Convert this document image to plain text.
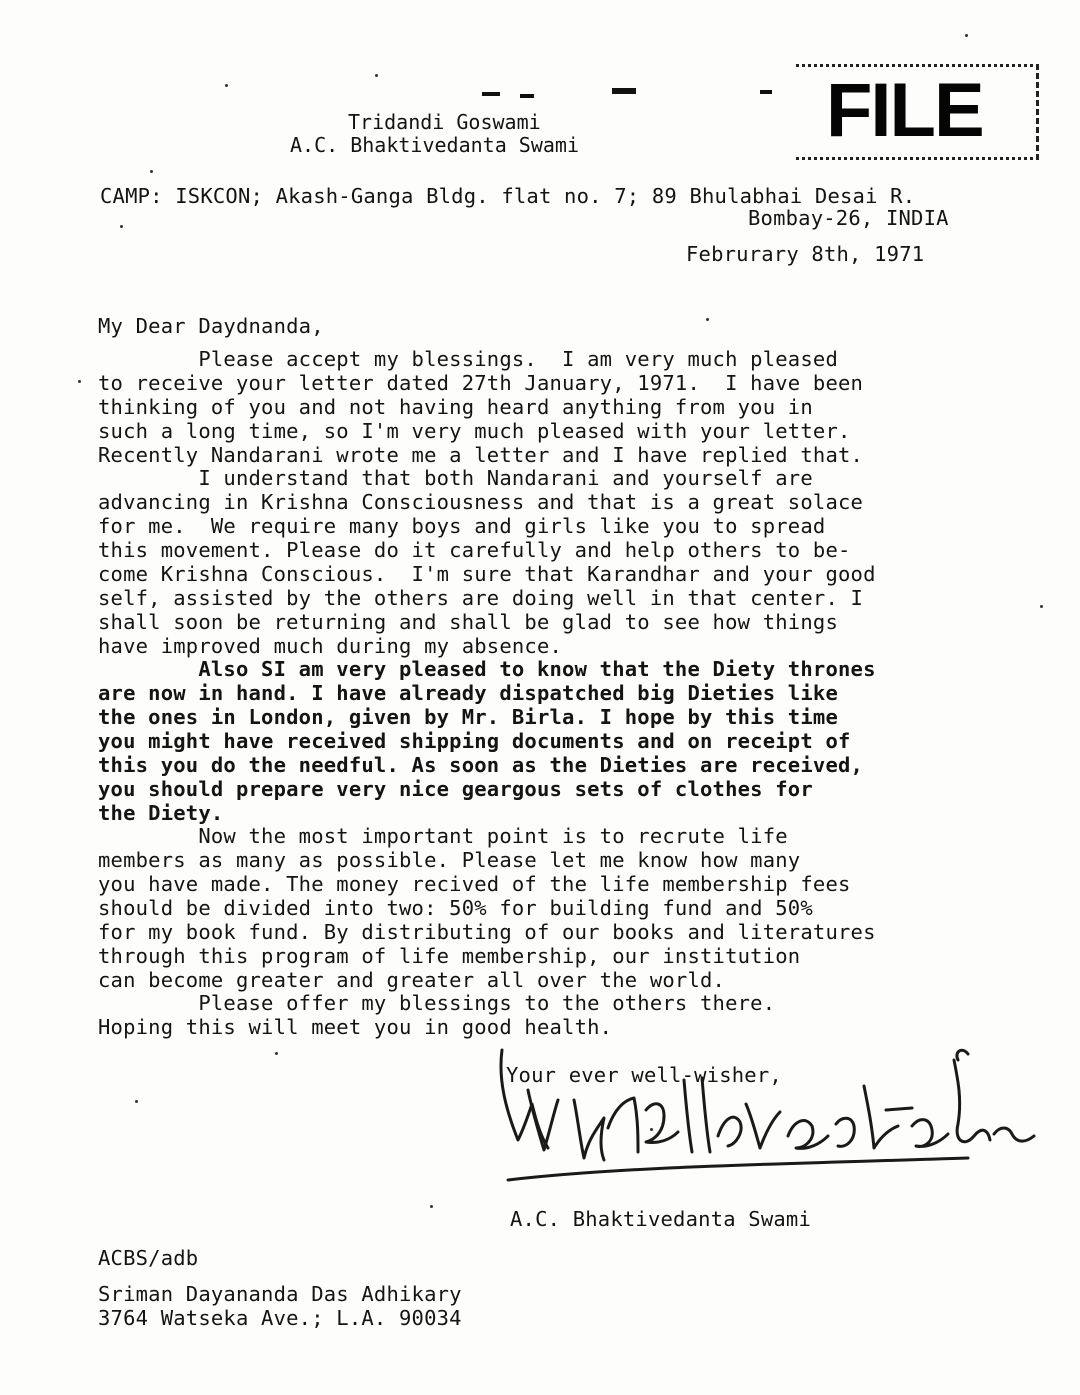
Tridandi Goswami
A.C. Bhaktivedanta Swami	FILE
CAMP: ISKCON; Akash-Ganga Bldg. flat no. 7; 89 Bhulabhai Desai R.
Bombay-26, INDIA
Februrary 8th, 1971
My Dear Daydnanda,
Please accept my blessings.  I am very much pleased
to receive your letter dated 27th January, 1971.  I have been
thinking of you and not having heard anything from you in
such a long time, so I'm very much pleased with your letter.
Recently Nandarani wrote me a letter and I have replied that.
I understand that both Nandarani and yourself are
advancing in Krishna Consciousness and that is a great solace
for me.  We require many boys and girls like you to spread
this movement. Please do it carefully and help others to be-
come Krishna Conscious.  I'm sure that Karandhar and your good
self, assisted by the others are doing well in that center. I
shall soon be returning and shall be glad to see how things
have improved much during my absence.
Also SI am very pleased to know that the Diety thrones
are now in hand. I have already dispatched big Dieties like
the ones in London, given by Mr. Birla. I hope by this time
you might have received shipping documents and on receipt of
this you do the needful. As soon as the Dieties are received,
you should prepare very nice geargous sets of clothes for
the Diety.
Now the most important point is to recrute life
members as many as possible. Please let me know how many
you have made. The money recived of the life membership fees
should be divided into two: 50% for building fund and 50%
for my book fund. By distributing of our books and literatures
through this program of life membership, our institution
can become greater and greater all over the world.
Please offer my blessings to the others there.
Hoping this will meet you in good health.
Your ever well-wisher,
A.C. Bhaktivedanta Swami
A.C. Bhaktivedanta Swami
ACBS/adb
Sriman Dayananda Das Adhikary
3764 Watseka Ave.; L.A. 90034
